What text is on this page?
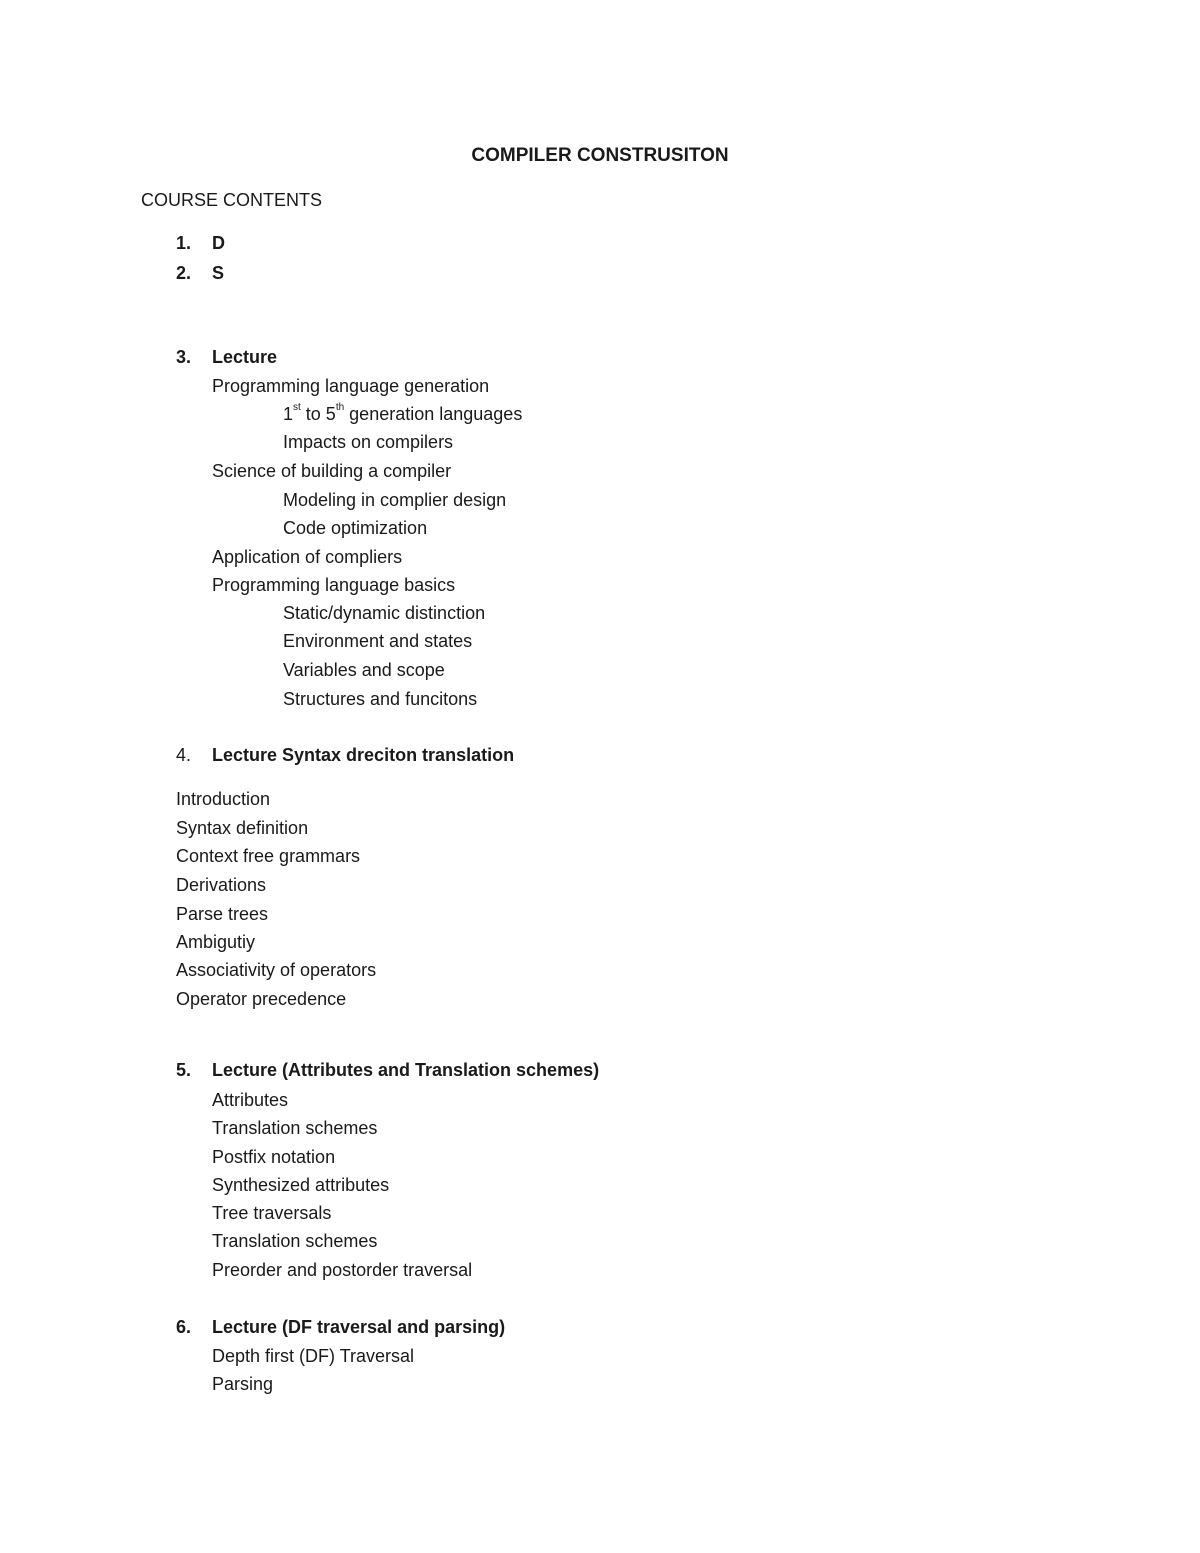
COMPILER CONSTRUSITON
COURSE CONTENTS
1. D
2. S
3. Lecture
Programming language generation
1st to 5th generation languages
Impacts on compilers
Science of building a compiler
Modeling in complier design
Code optimization
Application of compliers
Programming language basics
Static/dynamic distinction
Environment and states
Variables and scope
Structures and funcitons
4. Lecture Syntax dreciton translation
Introduction
Syntax definition
Context free grammars
Derivations
Parse trees
Ambigutiy
Associativity of operators
Operator precedence
5. Lecture (Attributes and Translation schemes)
Attributes
Translation schemes
Postfix notation
Synthesized attributes
Tree traversals
Translation schemes
Preorder and postorder traversal
6. Lecture (DF traversal and parsing)
Depth first (DF) Traversal
Parsing
